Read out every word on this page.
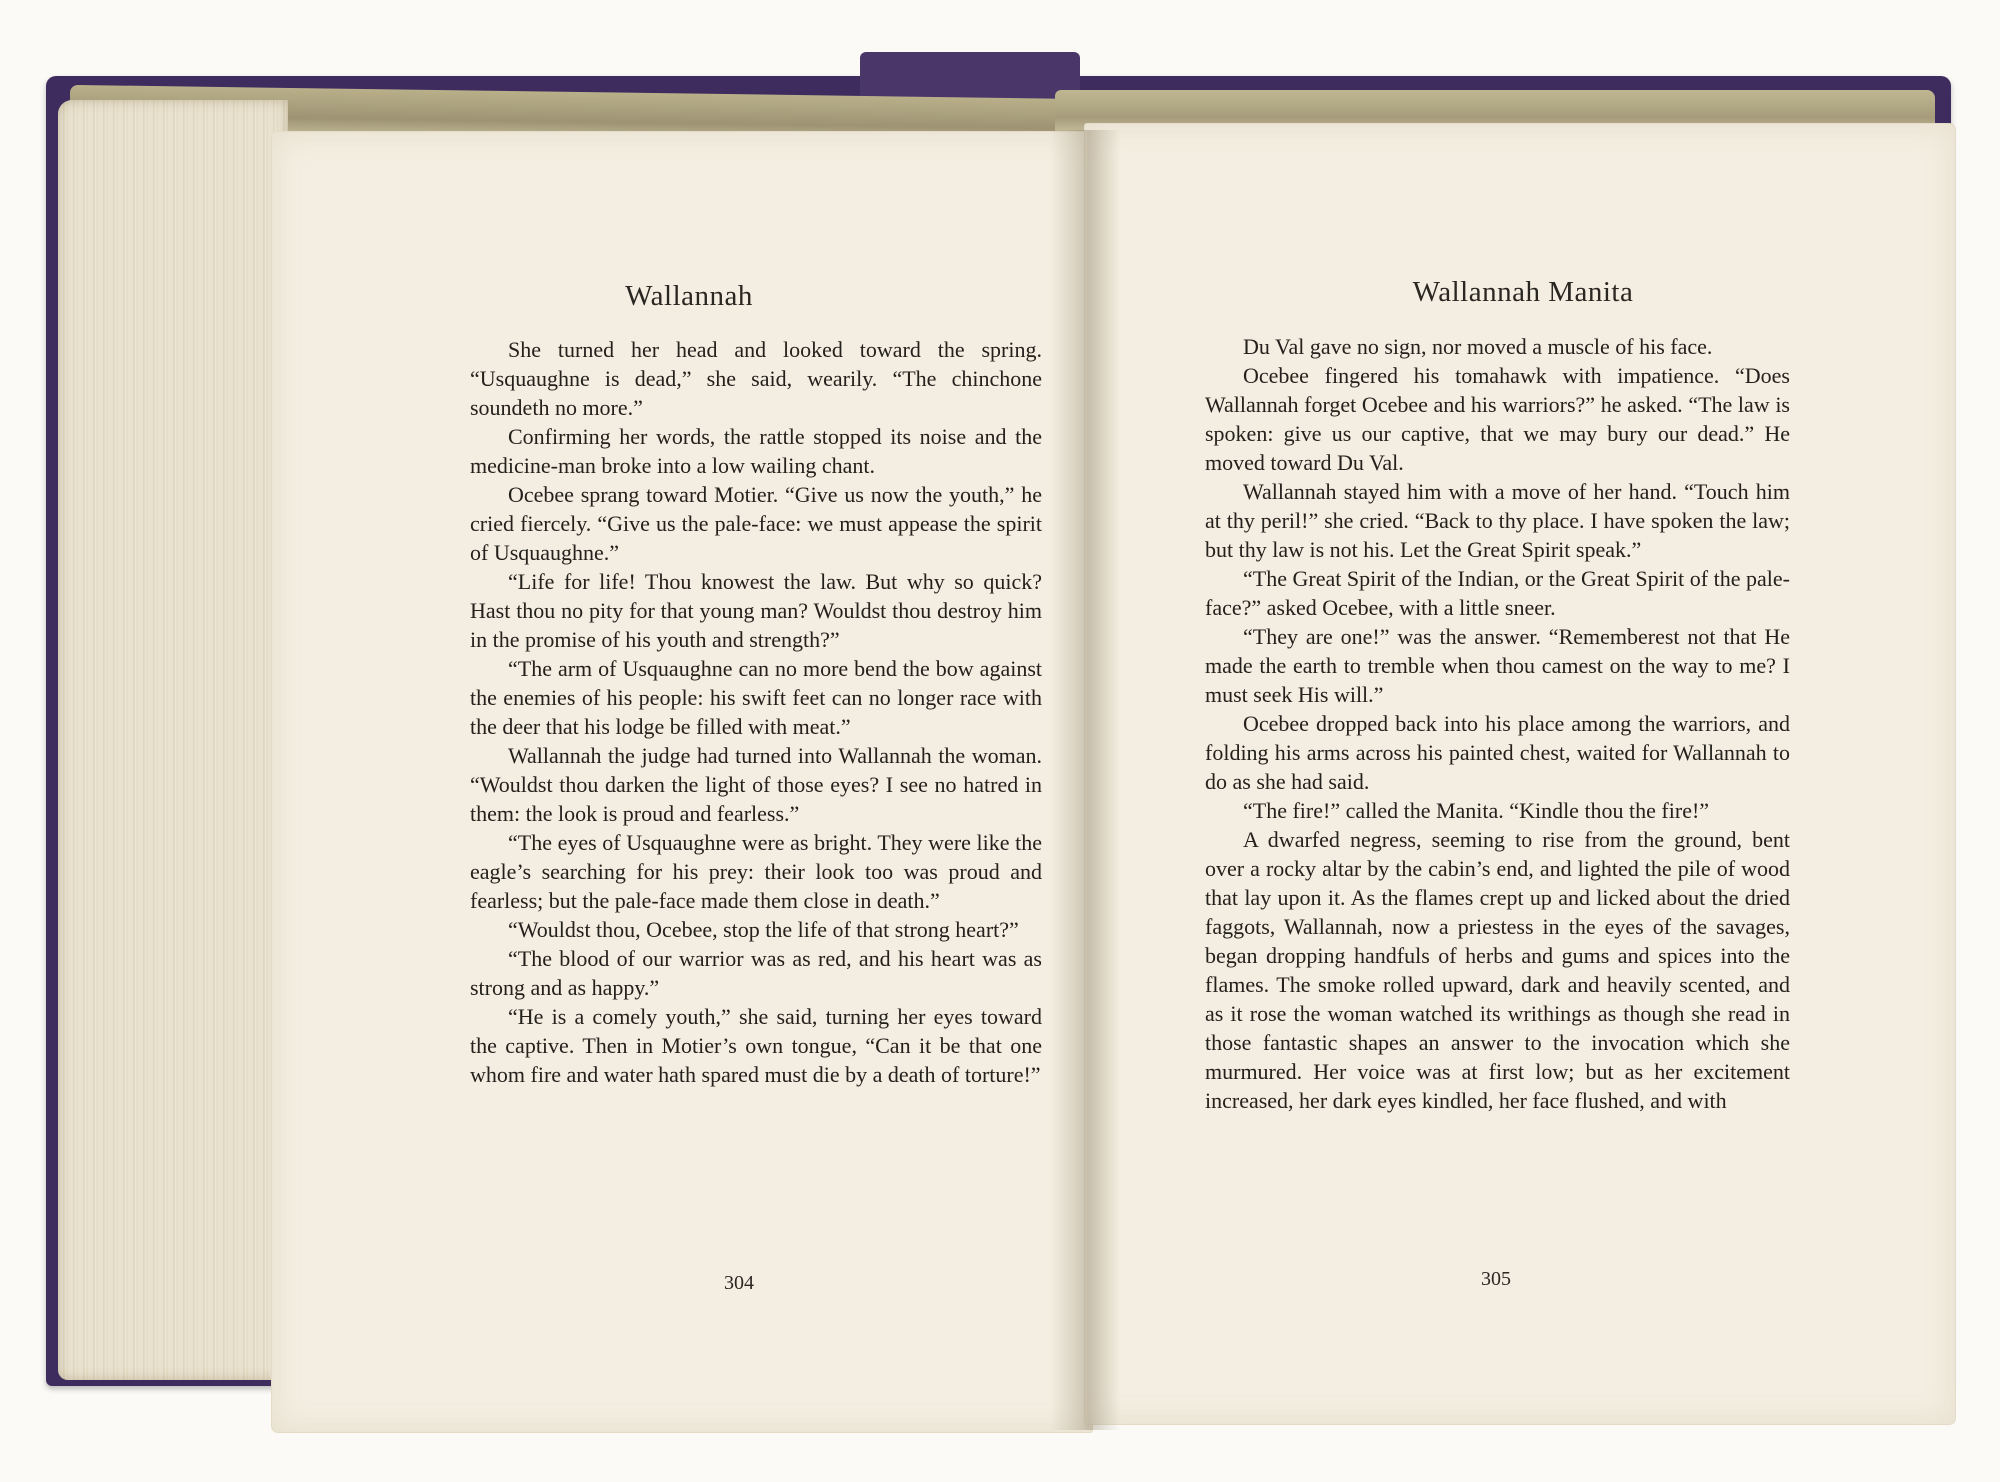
Wallannah

She turned her head and looked toward the spring. “Usquaughne is dead,” she said, wearily. “The chinchone soundeth no more.”

Confirming her words, the rattle stopped its noise and the medicine-man broke into a low wailing chant.

Ocebee sprang toward Motier. “Give us now the youth,” he cried fiercely. “Give us the pale-face: we must appease the spirit of Usquaughne.”

“Life for life! Thou knowest the law. But why so quick? Hast thou no pity for that young man? Wouldst thou destroy him in the promise of his youth and strength?”

“The arm of Usquaughne can no more bend the bow against the enemies of his people: his swift feet can no longer race with the deer that his lodge be filled with meat.”

Wallannah the judge had turned into Wallannah the woman. “Wouldst thou darken the light of those eyes? I see no hatred in them: the look is proud and fearless.”

“The eyes of Usquaughne were as bright. They were like the eagle’s searching for his prey: their look too was proud and fearless; but the pale-face made them close in death.”

“Wouldst thou, Ocebee, stop the life of that strong heart?”

“The blood of our warrior was as red, and his heart was as strong and as happy.”

“He is a comely youth,” she said, turning her eyes toward the captive. Then in Motier’s own tongue, “Can it be that one whom fire and water hath spared must die by a death of torture!”

304
Wallannah Manita

Du Val gave no sign, nor moved a muscle of his face.

Ocebee fingered his tomahawk with impatience. “Does Wallannah forget Ocebee and his warriors?” he asked. “The law is spoken: give us our captive, that we may bury our dead.” He moved toward Du Val.

Wallannah stayed him with a move of her hand. “Touch him at thy peril!” she cried. “Back to thy place. I have spoken the law; but thy law is not his. Let the Great Spirit speak.”

“The Great Spirit of the Indian, or the Great Spirit of the pale-face?” asked Ocebee, with a little sneer.

“They are one!” was the answer. “Rememberest not that He made the earth to tremble when thou camest on the way to me? I must seek His will.”

Ocebee dropped back into his place among the warriors, and folding his arms across his painted chest, waited for Wallannah to do as she had said.

“The fire!” called the Manita. “Kindle thou the fire!”

A dwarfed negress, seeming to rise from the ground, bent over a rocky altar by the cabin’s end, and lighted the pile of wood that lay upon it. As the flames crept up and licked about the dried faggots, Wallannah, now a priestess in the eyes of the savages, began dropping handfuls of herbs and gums and spices into the flames. The smoke rolled upward, dark and heavily scented, and as it rose the woman watched its writhings as though she read in those fantastic shapes an answer to the invocation which she murmured. Her voice was at first low; but as her excitement increased, her dark eyes kindled, her face flushed, and with

305
